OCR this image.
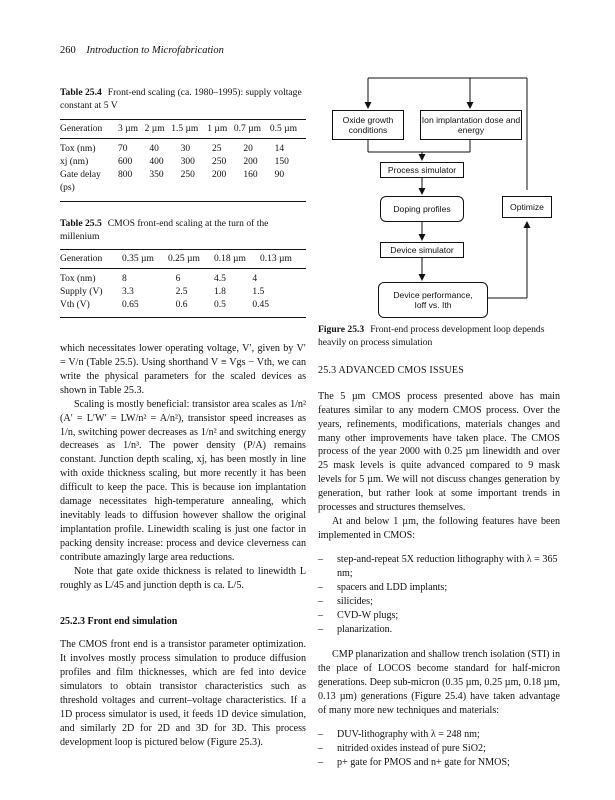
260 Introduction to Microfabrication
Table 25.4 Front-end scaling (ca. 1980–1995): supply voltage constant at 5 V
Generation	3 µm	2 µm	1.5 µm	1 µm	0.7 µm	0.5 µm
Tox (nm)	70	40	30	25	20	14
xj (nm)	600	400	300	250	200	150
Gate delay	800	350	250	200	160	90
(ps)						
Table 25.5 CMOS front-end scaling at the turn of the millenium
Generation	0.35 µm	0.25 µm	0.18 µm	0.13 µm
Tox (nm)	8	6	4.5	4
Supply (V)	3.3	2.5	1.8	1.5
Vth (V)	0.65	0.6	0.5	0.45

which necessitates lower operating voltage, V′, given by V′ = V/n (Table 25.5). Using shorthand V ≡ Vgs − Vth, we can write the physical parameters for the scaled devices as shown in Table 25.3.

Scaling is mostly beneficial: transistor area scales as 1/n² (A′ = L′W′ = LW/n² = A/n²), transistor speed increases as 1/n, switching power decreases as 1/n² and switching energy decreases as 1/n³. The power density (P/A) remains constant. Junction depth scaling, xj, has been mostly in line with oxide thickness scaling, but more recently it has been difficult to keep the pace. This is because ion implantation damage necessitates high-temperature annealing, which inevitably leads to diffusion however shallow the original implantation profile. Linewidth scaling is just one factor in packing density increase: process and device cleverness can contribute amazingly large area reductions.

Note that gate oxide thickness is related to linewidth L roughly as L/45 and junction depth is ca. L/5.

25.2.3 Front end simulation

The CMOS front end is a transistor parameter optimization. It involves mostly process simulation to produce diffusion profiles and film thicknesses, which are fed into device simulators to obtain transistor characteristics such as threshold voltages and current–voltage characteristics. If a 1D process simulator is used, it feeds 1D device simulation, and similarly 2D for 2D and 3D for 3D. This process development loop is pictured below (Figure 25.3).

Oxide growth conditions
Ion implantation dose and energy
Process simulator
Doping profiles	Optimize
Device simulator
Device performance,
Ioff vs. Ith
Figure 25.3 Front-end process development loop depends heavily on process simulation

25.3 ADVANCED CMOS ISSUES

The 5 µm CMOS process presented above has main features similar to any modern CMOS process. Over the years, refinements, modifications, materials changes and many other improvements have taken place. The CMOS process of the year 2000 with 0.25 µm linewidth and over 25 mask levels is quite advanced compared to 9 mask levels for 5 µm. We will not discuss changes generation by generation, but rather look at some important trends in processes and structures themselves.

At and below 1 µm, the following features have been implemented in CMOS:

– step-and-repeat 5X reduction lithography with λ = 365 nm;
– spacers and LDD implants;
– silicides;
– CVD-W plugs;
– planarization.

CMP planarization and shallow trench isolation (STI) in the place of LOCOS become standard for half-micron generations. Deep sub-micron (0.35 µm, 0.25 µm, 0.18 µm, 0.13 µm) generations (Figure 25.4) have taken advantage of many more new techniques and materials:

– DUV-lithography with λ = 248 nm;
– nitrided oxides instead of pure SiO2;
– p+ gate for PMOS and n+ gate for NMOS;
